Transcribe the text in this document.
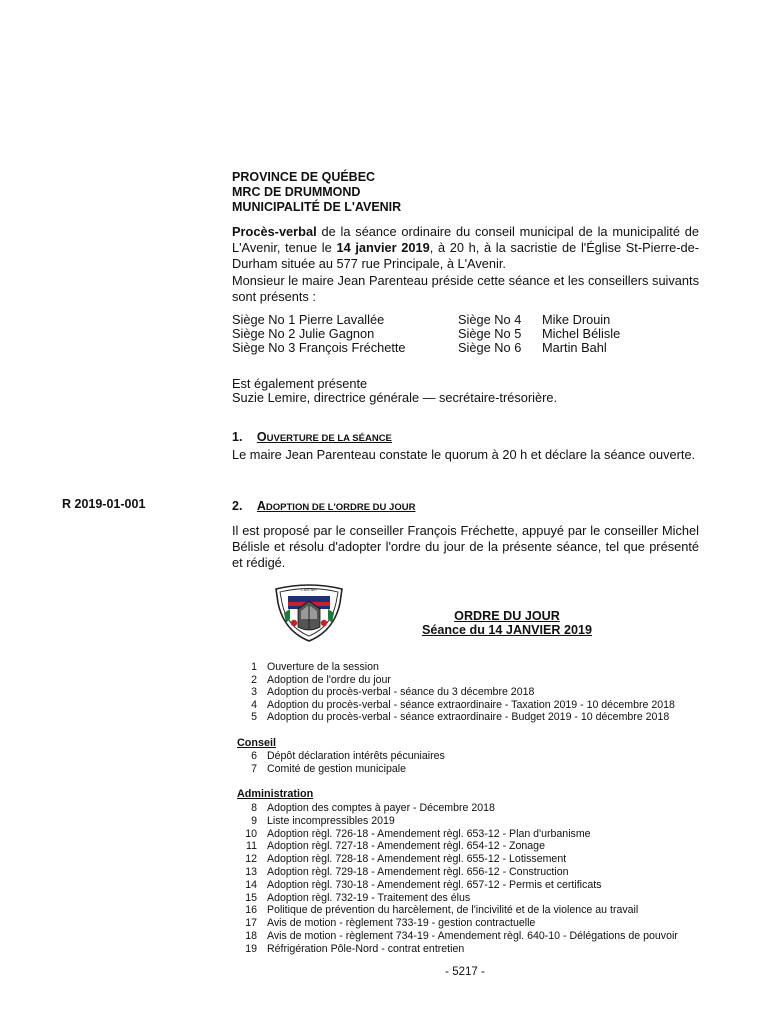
PROVINCE DE QUÉBEC
MRC DE DRUMMOND
MUNICIPALITÉ DE L'AVENIR
Procès-verbal de la séance ordinaire du conseil municipal de la municipalité de L'Avenir, tenue le 14 janvier 2019, à 20 h, à la sacristie de l'Église St-Pierre-de-Durham située au 577 rue Principale, à L'Avenir.
Monsieur le maire Jean Parenteau préside cette séance et les conseillers suivants sont présents :
Siège No 1 Pierre Lavallée
Siège No 2 Julie Gagnon
Siège No 3 François Fréchette
Siège No 4
Siège No 5
Siège No 6
Mike Drouin
Michel Bélisle
Martin Bahl
Est également présente
Suzie Lemire, directrice générale — secrétaire-trésorière.
1. OUVERTURE DE LA SÉANCE
Le maire Jean Parenteau constate le quorum à 20 h et déclare la séance ouverte.
R 2019-01-001	2. ADOPTION DE L'ORDRE DU JOUR
Il est proposé par le conseiller François Fréchette, appuyé par le conseiller Michel Bélisle et résolu d'adopter l'ordre du jour de la présente séance, tel que présenté et rédigé.
L'AVENIR
ORDRE DU JOUR
Séance du 14 JANVIER 2019
1 Ouverture de la session
2 Adoption de l'ordre du jour
3 Adoption du procès-verbal - séance du 3 décembre 2018
4 Adoption du procès-verbal - séance extraordinaire - Taxation 2019 - 10 décembre 2018
5 Adoption du procès-verbal - séance extraordinaire - Budget 2019 - 10 décembre 2018
Conseil
6 Dépôt déclaration intérêts pécuniaires
7 Comité de gestion municipale
Administration
8 Adoption des comptes à payer - Décembre 2018
9 Liste incompressibles 2019
10 Adoption règl. 726-18 - Amendement règl. 653-12 - Plan d'urbanisme
11 Adoption règl. 727-18 - Amendement règl. 654-12 - Zonage
12 Adoption règl. 728-18 - Amendement règl. 655-12 - Lotissement
13 Adoption règl. 729-18 - Amendement règl. 656-12 - Construction
14 Adoption règl. 730-18 - Amendement règl. 657-12 - Permis et certificats
15 Adoption règl. 732-19 - Traitement des élus
16 Politique de prévention du harcèlement, de l'incivilité et de la violence au travail
17 Avis de motion - règlement 733-19 - gestion contractuelle
18 Avis de motion - règlement 734-19 - Amendement règl. 640-10 - Délégations de pouvoir
19 Réfrigération Pôle-Nord - contrat entretien
- 5217 -
